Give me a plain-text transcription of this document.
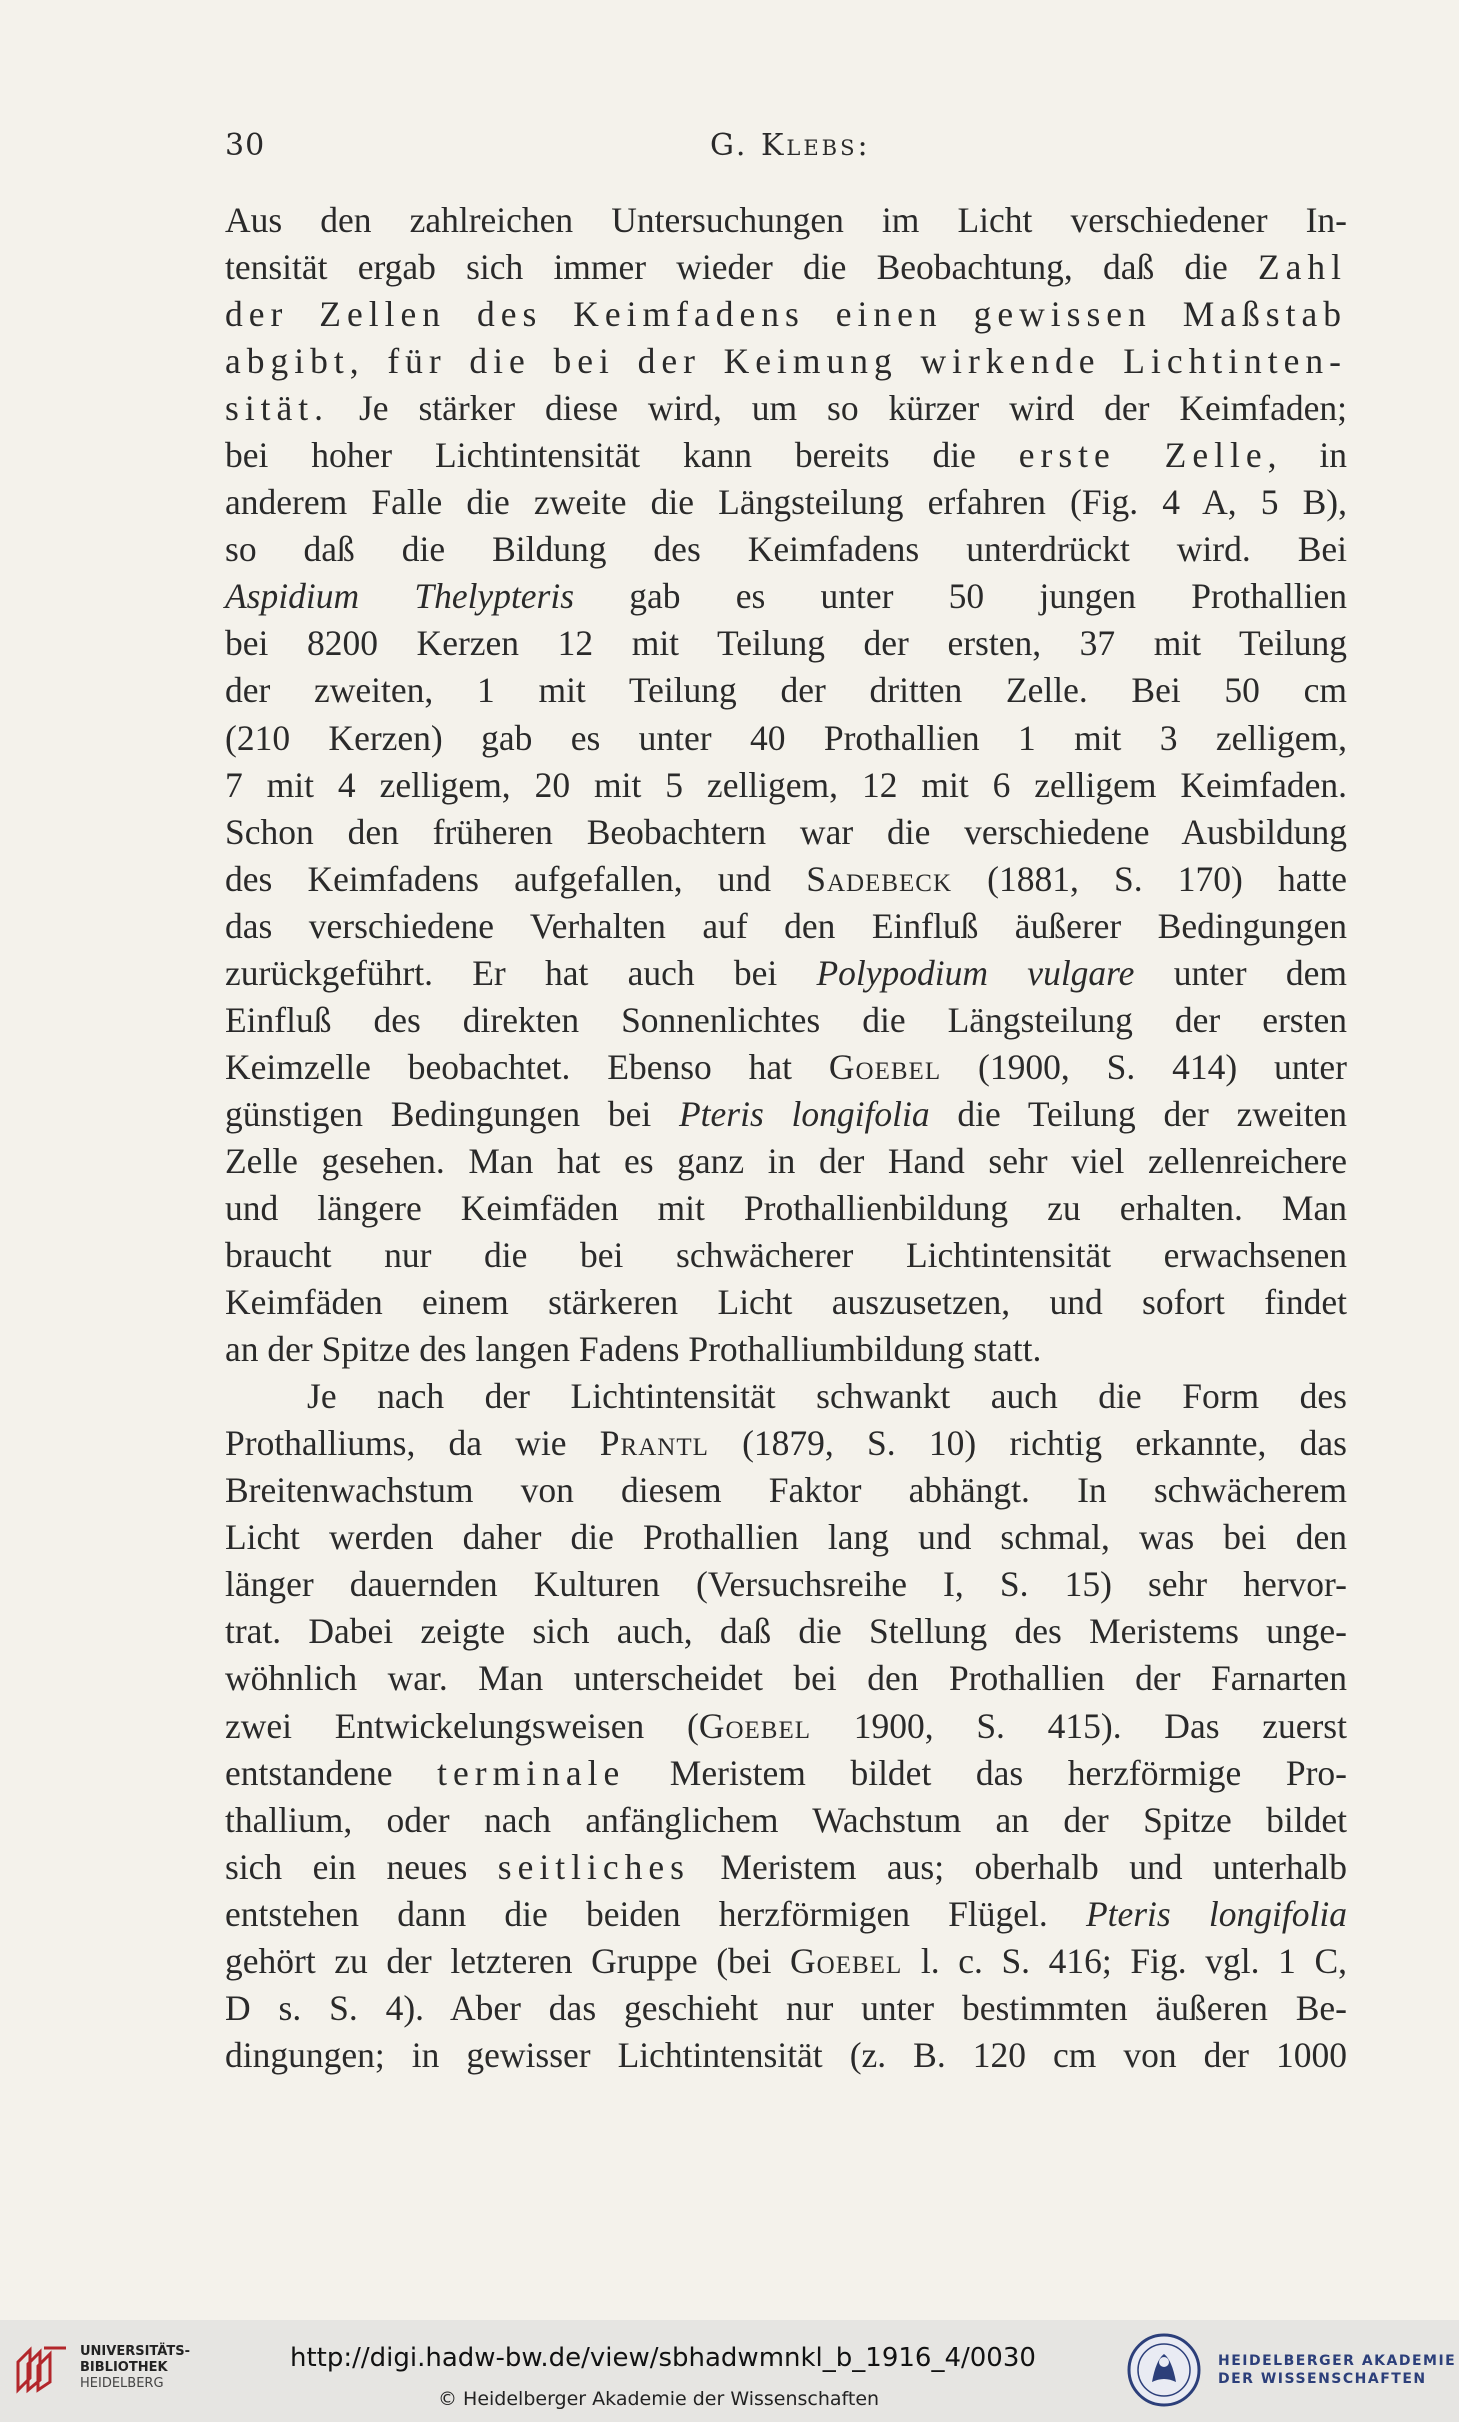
30	G. Klebs:
Aus den zahlreichen Untersuchungen im Licht verschiedener In-
tensität ergab sich immer wieder die Beobachtung, daß die Zahl
der Zellen des Keimfadens einen gewissen Maßstab
abgibt, für die bei der Keimung wirkende Lichtinten-
sität. Je stärker diese wird, um so kürzer wird der Keimfaden;
bei hoher Lichtintensität kann bereits die erste Zelle, in
anderem Falle die zweite die Längsteilung erfahren (Fig. 4 A, 5 B),
so daß die Bildung des Keimfadens unterdrückt wird. Bei
Aspidium Thelypteris gab es unter 50 jungen Prothallien
bei 8200 Kerzen 12 mit Teilung der ersten, 37 mit Teilung
der zweiten, 1 mit Teilung der dritten Zelle. Bei 50 cm
(210 Kerzen) gab es unter 40 Prothallien 1 mit 3 zelligem,
7 mit 4 zelligem, 20 mit 5 zelligem, 12 mit 6 zelligem Keimfaden.
Schon den früheren Beobachtern war die verschiedene Ausbildung
des Keimfadens aufgefallen, und Sadebeck (1881, S. 170) hatte
das verschiedene Verhalten auf den Einfluß äußerer Bedingungen
zurückgeführt. Er hat auch bei Polypodium vulgare unter dem
Einfluß des direkten Sonnenlichtes die Längsteilung der ersten
Keimzelle beobachtet. Ebenso hat Goebel (1900, S. 414) unter
günstigen Bedingungen bei Pteris longifolia die Teilung der zweiten
Zelle gesehen. Man hat es ganz in der Hand sehr viel zellenreichere
und längere Keimfäden mit Prothallienbildung zu erhalten. Man
braucht nur die bei schwächerer Lichtintensität erwachsenen
Keimfäden einem stärkeren Licht auszusetzen, und sofort findet
an der Spitze des langen Fadens Prothalliumbildung statt.
Je nach der Lichtintensität schwankt auch die Form des
Prothalliums, da wie Prantl (1879, S. 10) richtig erkannte, das
Breitenwachstum von diesem Faktor abhängt. In schwächerem
Licht werden daher die Prothallien lang und schmal, was bei den
länger dauernden Kulturen (Versuchsreihe I, S. 15) sehr hervor-
trat. Dabei zeigte sich auch, daß die Stellung des Meristems unge-
wöhnlich war. Man unterscheidet bei den Prothallien der Farnarten
zwei Entwickelungsweisen (Goebel 1900, S. 415). Das zuerst
entstandene terminale Meristem bildet das herzförmige Pro-
thallium, oder nach anfänglichem Wachstum an der Spitze bildet
sich ein neues seitliches Meristem aus; oberhalb und unterhalb
entstehen dann die beiden herzförmigen Flügel. Pteris longifolia
gehört zu der letzteren Gruppe (bei Goebel l. c. S. 416; Fig. vgl. 1 C,
D s. S. 4). Aber das geschieht nur unter bestimmten äußeren Be-
dingungen; in gewisser Lichtintensität (z. B. 120 cm von der 1000
UNIVERSITÄTS-
BIBLIOTHEK
HEIDELBERG
http://digi.hadw-bw.de/view/sbhadwmnkl_b_1916_4/0030
© Heidelberger Akademie der Wissenschaften
HEIDELBERGER AKADEMIE
DER WISSENSCHAFTEN
